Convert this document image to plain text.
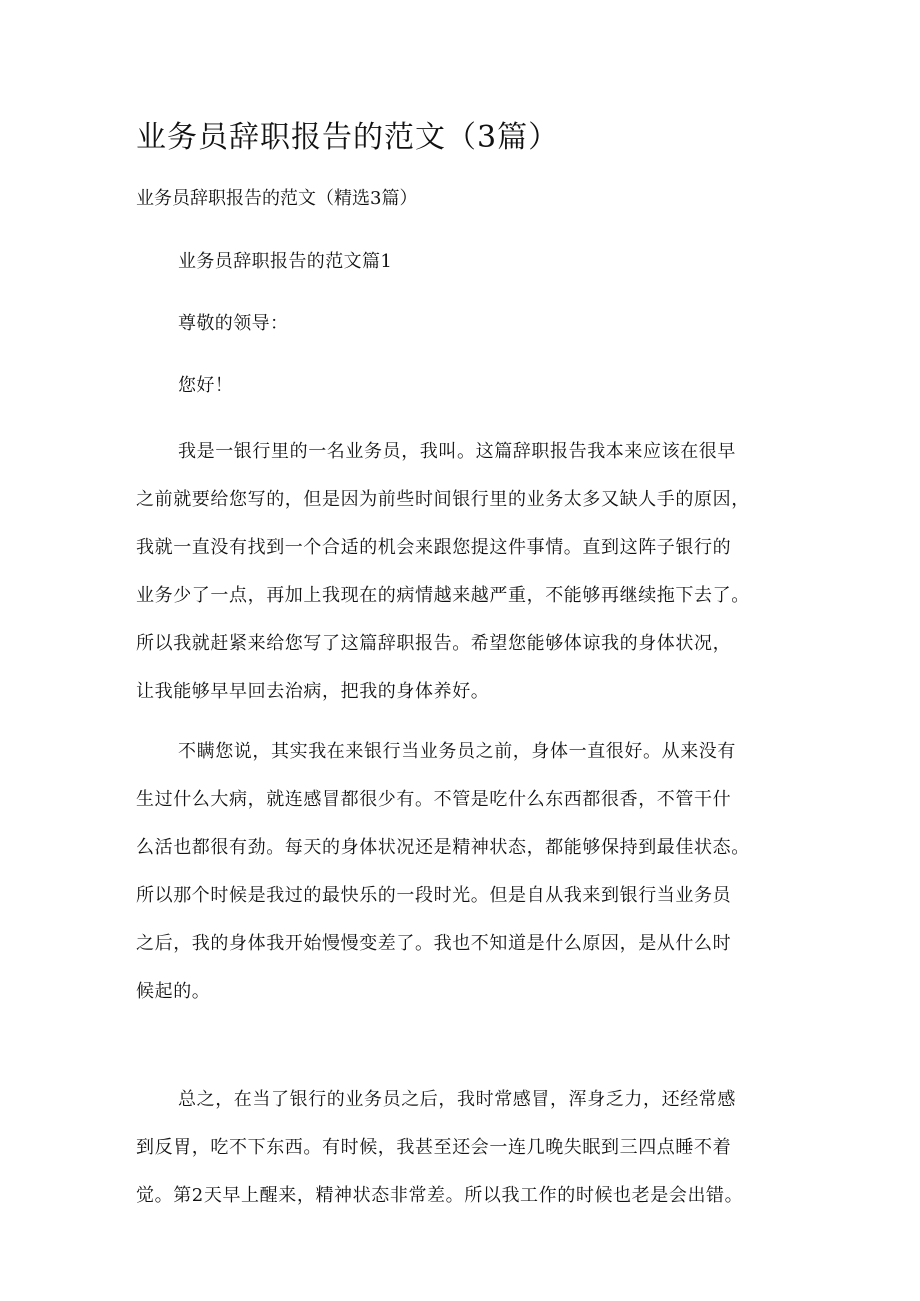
业务员辞职报告的范文（3篇）
业务员辞职报告的范文（精选3篇）
业务员辞职报告的范文篇1
尊敬的领导：
您好！

我是一银行里的一名业务员，我叫。这篇辞职报告我本来应该在很早

之前就要给您写的，但是因为前些时间银行里的业务太多又缺人手的原因，

我就一直没有找到一个合适的机会来跟您提这件事情。直到这阵子银行的

业务少了一点，再加上我现在的病情越来越严重，不能够再继续拖下去了。

所以我就赶紧来给您写了这篇辞职报告。希望您能够体谅我的身体状况，

让我能够早早回去治病，把我的身体养好。

不瞒您说，其实我在来银行当业务员之前，身体一直很好。从来没有

生过什么大病，就连感冒都很少有。不管是吃什么东西都很香，不管干什

么活也都很有劲。每天的身体状况还是精神状态，都能够保持到最佳状态。

所以那个时候是我过的最快乐的一段时光。但是自从我来到银行当业务员

之后，我的身体我开始慢慢变差了。我也不知道是什么原因，是从什么时

候起的。

总之，在当了银行的业务员之后，我时常感冒，浑身乏力，还经常感

到反胃，吃不下东西。有时候，我甚至还会一连几晚失眠到三四点睡不着

觉。第2天早上醒来，精神状态非常差。所以我工作的时候也老是会出错。
